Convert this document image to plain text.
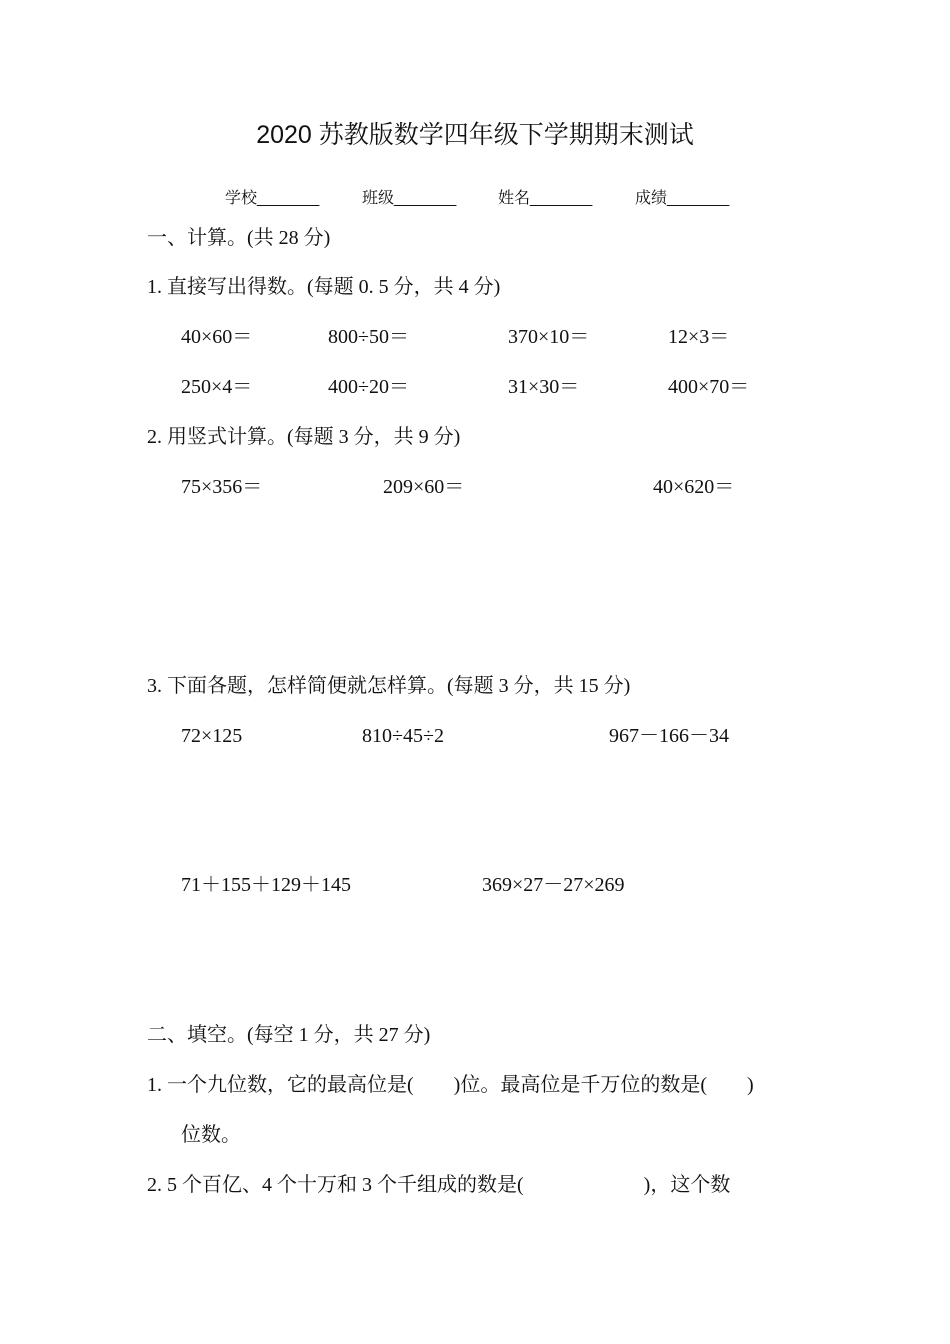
2020 苏教版数学四年级下学期期末测试
学校_______	班级_______	姓名_______	成绩_______
一、计算。(共 28 分)
1. 直接写出得数。(每题 0. 5 分，共 4 分)
40×60＝	800÷50＝	370×10＝	12×3＝
250×4＝	400÷20＝	31×30＝	400×70＝
2. 用竖式计算。(每题 3 分，共 9 分)
75×356＝	209×60＝	40×620＝
3. 下面各题，怎样简便就怎样算。(每题 3 分，共 15 分)
72×125	810÷45÷2	967－166－34
71＋155＋129＋145	369×27－27×269
二、填空。(每空 1 分，共 27 分)
1. 一个九位数，它的最高位是(　　)位。最高位是千万位的数是(　　)
位数。
2. 5 个百亿、4 个十万和 3 个千组成的数是(　　　　　　)，这个数
